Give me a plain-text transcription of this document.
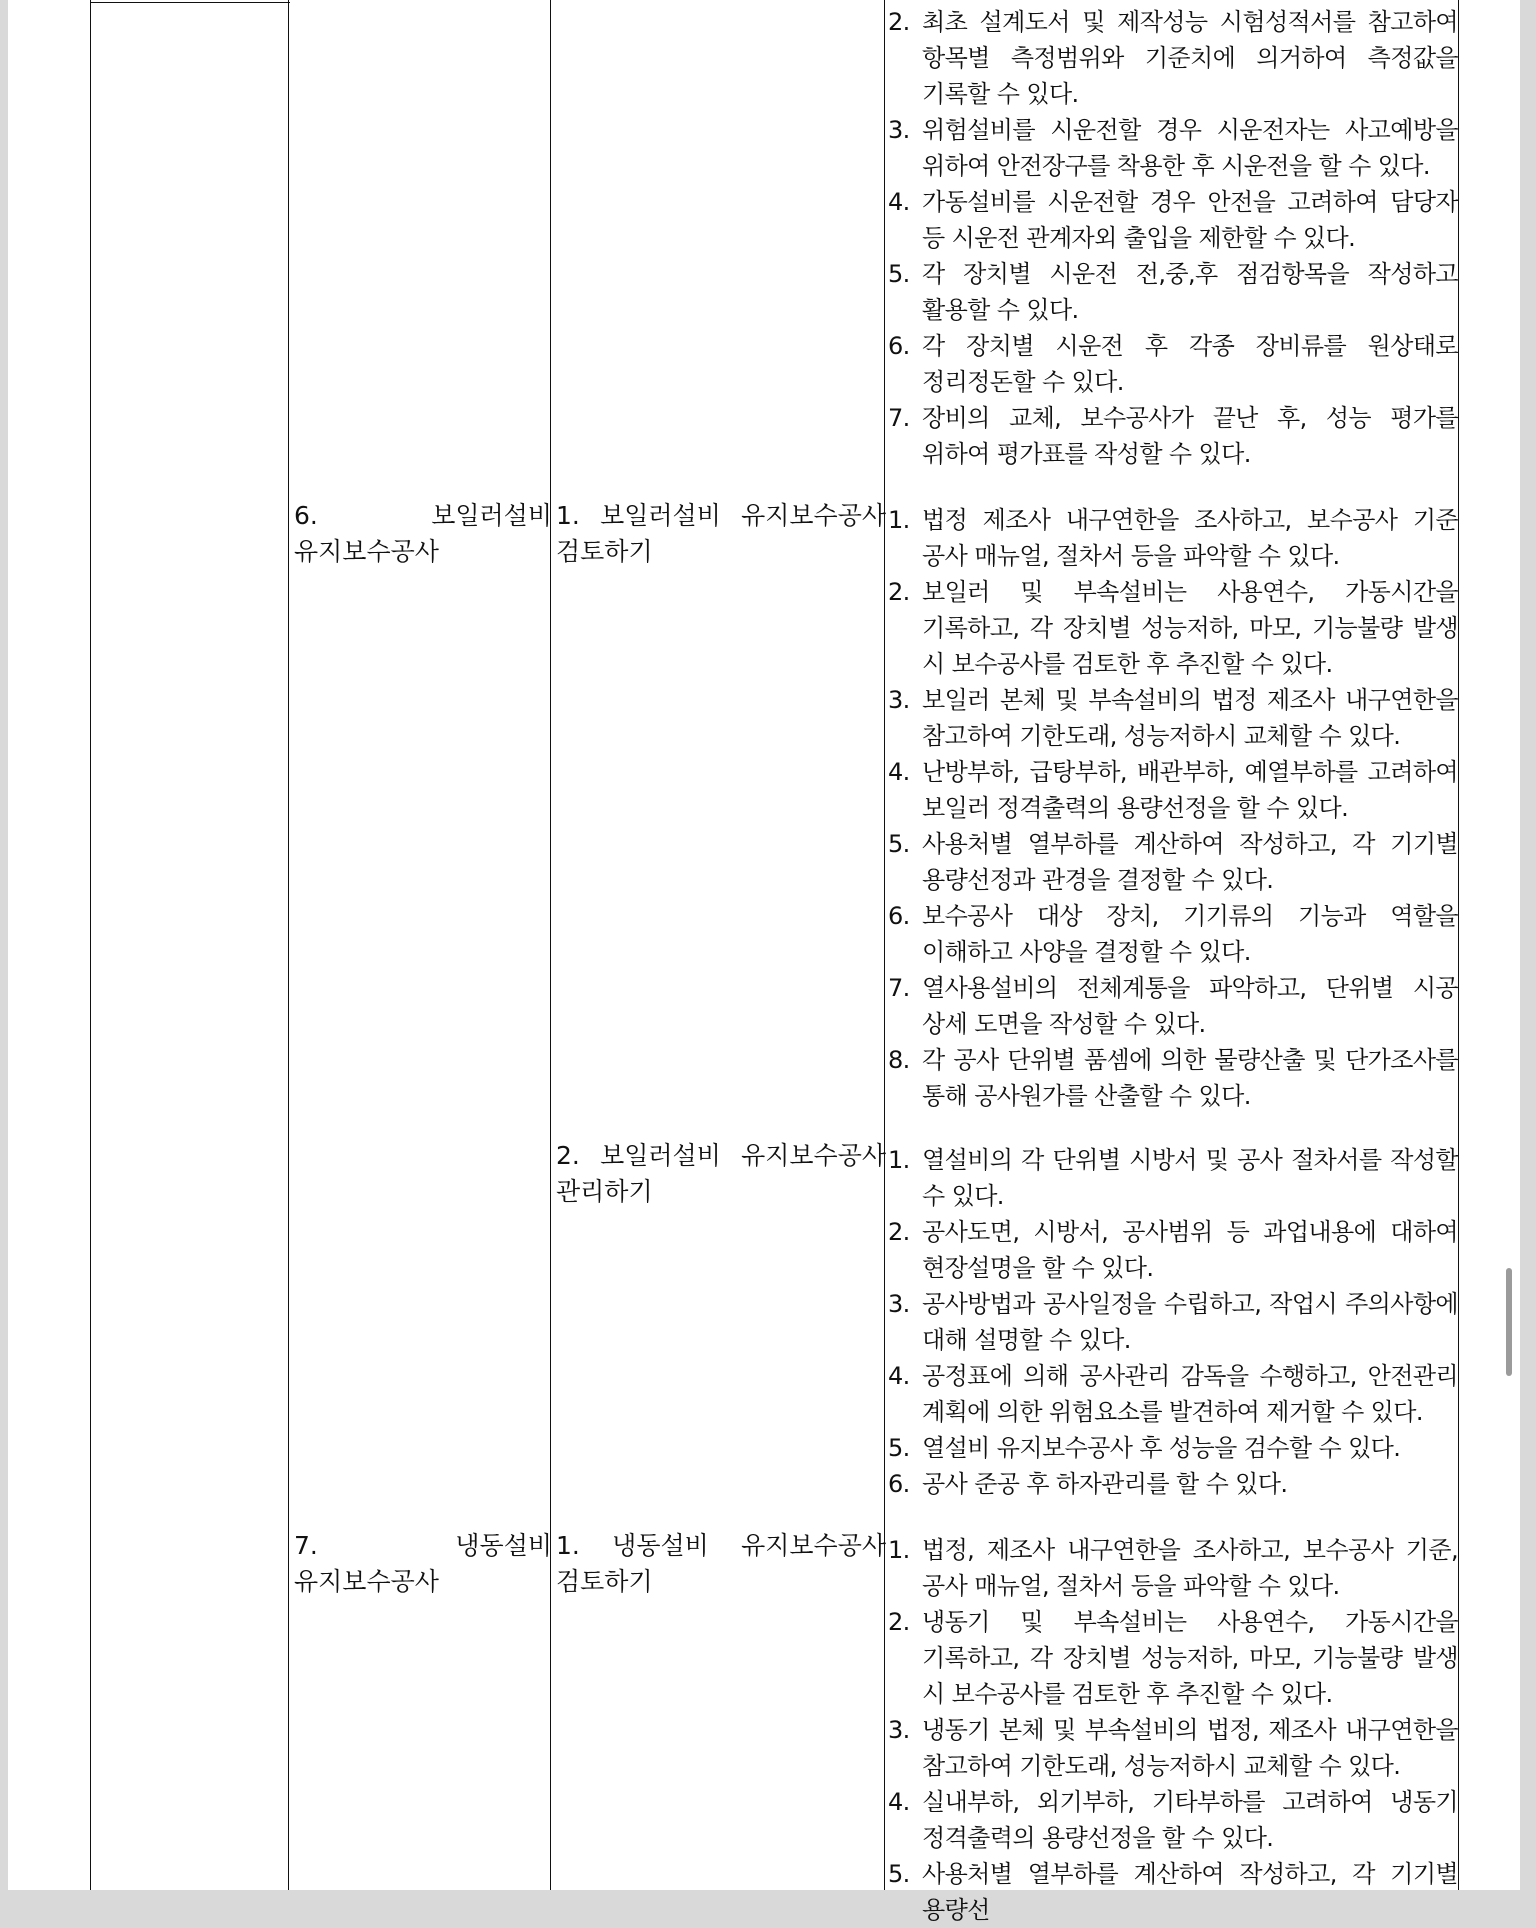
2. 최초 설계도서 및 제작성능 시험성적서를 참고하여 항목별 측정범위와 기준치에 의거하여 측정값을 기록할 수 있다.
3. 위험설비를 시운전할 경우 시운전자는 사고예방을 위하여 안전장구를 착용한 후 시운전을 할 수 있다.
4. 가동설비를 시운전할 경우 안전을 고려하여 담당자 등 시운전 관계자외 출입을 제한할 수 있다.
5. 각 장치별 시운전 전,중,후 점검항목을 작성하고 활용할 수 있다.
6. 각 장치별 시운전 후 각종 장비류를 원상태로 정리정돈할 수 있다.
7. 장비의 교체, 보수공사가 끝난 후, 성능 평가를 위하여 평가표를 작성할 수 있다.
6. 보일러설비 유지보수공사
1. 보일러설비 유지보수공사 검토하기
1. 법정 제조사 내구연한을 조사하고, 보수공사 기준 공사 매뉴얼, 절차서 등을 파악할 수 있다.
2. 보일러 및 부속설비는 사용연수, 가동시간을 기록하고, 각 장치별 성능저하, 마모, 기능불량 발생 시 보수공사를 검토한 후 추진할 수 있다.
3. 보일러 본체 및 부속설비의 법정 제조사 내구연한을 참고하여 기한도래, 성능저하시 교체할 수 있다.
4. 난방부하, 급탕부하, 배관부하, 예열부하를 고려하여 보일러 정격출력의 용량선정을 할 수 있다.
5. 사용처별 열부하를 계산하여 작성하고, 각 기기별 용량선정과 관경을 결정할 수 있다.
6. 보수공사 대상 장치, 기기류의 기능과 역할을 이해하고 사양을 결정할 수 있다.
7. 열사용설비의 전체계통을 파악하고, 단위별 시공 상세 도면을 작성할 수 있다.
8. 각 공사 단위별 품셈에 의한 물량산출 및 단가조사를 통해 공사원가를 산출할 수 있다.
2. 보일러설비 유지보수공사 관리하기
1. 열설비의 각 단위별 시방서 및 공사 절차서를 작성할 수 있다.
2. 공사도면, 시방서, 공사범위 등 과업내용에 대하여 현장설명을 할 수 있다.
3. 공사방법과 공사일정을 수립하고, 작업시 주의사항에 대해 설명할 수 있다.
4. 공정표에 의해 공사관리 감독을 수행하고, 안전관리 계획에 의한 위험요소를 발견하여 제거할 수 있다.
5. 열설비 유지보수공사 후 성능을 검수할 수 있다.
6. 공사 준공 후 하자관리를 할 수 있다.
7. 냉동설비 유지보수공사
1. 냉동설비 유지보수공사 검토하기
1. 법정, 제조사 내구연한을 조사하고, 보수공사 기준, 공사 매뉴얼, 절차서 등을 파악할 수 있다.
2. 냉동기 및 부속설비는 사용연수, 가동시간을 기록하고, 각 장치별 성능저하, 마모, 기능불량 발생 시 보수공사를 검토한 후 추진할 수 있다.
3. 냉동기 본체 및 부속설비의 법정, 제조사 내구연한을 참고하여 기한도래, 성능저하시 교체할 수 있다.
4. 실내부하, 외기부하, 기타부하를 고려하여 냉동기 정격출력의 용량선정을 할 수 있다.
5. 사용처별 열부하를 계산하여 작성하고, 각 기기별 용량선
